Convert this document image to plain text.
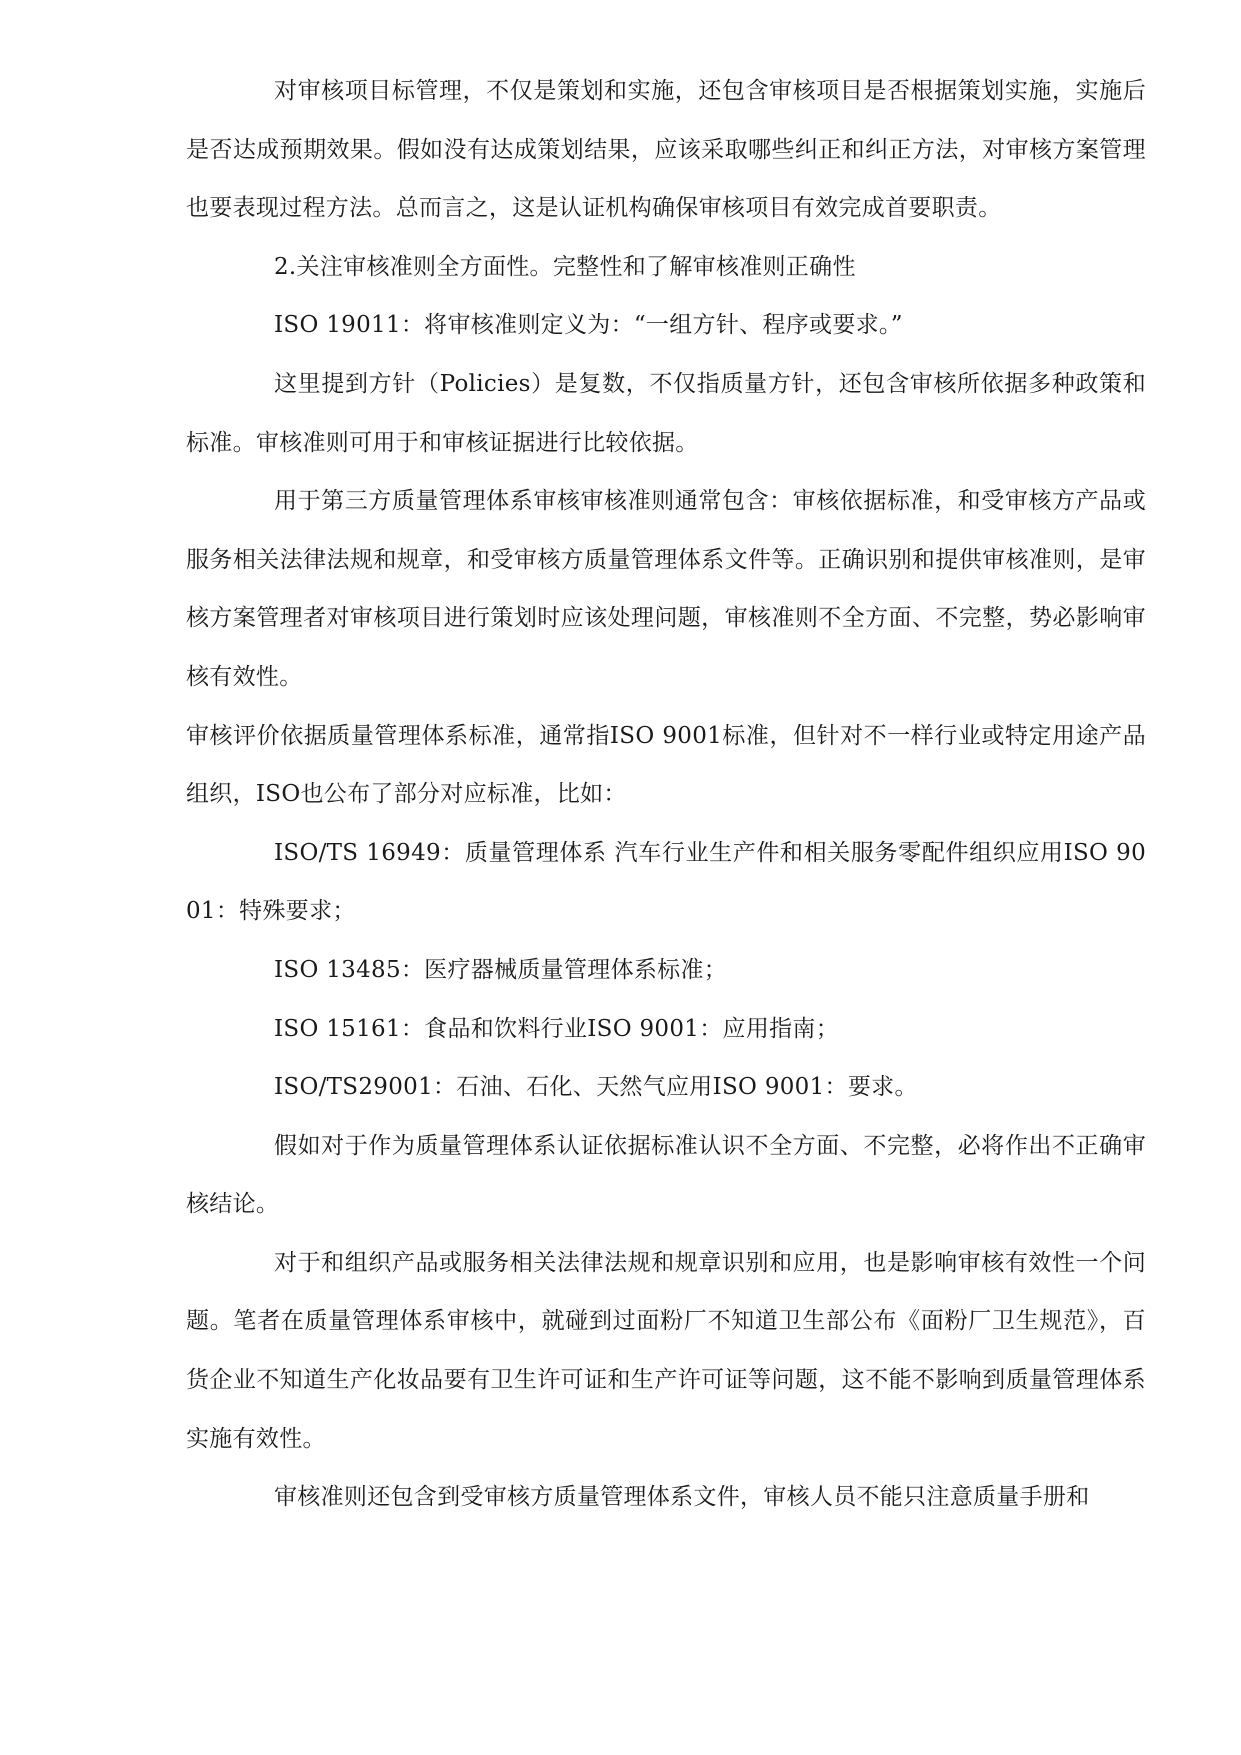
对审核项目标管理，不仅是策划和实施，还包含审核项目是否根据策划实施，实施后是否达成预期效果。假如没有达成策划结果，应该采取哪些纠正和纠正方法，对审核方案管理也要表现过程方法。总而言之，这是认证机构确保审核项目有效完成首要职责。

2.关注审核准则全方面性。完整性和了解审核准则正确性

ISO 19011：将审核准则定义为：“一组方针、程序或要求。”

这里提到方针（Policies）是复数，不仅指质量方针，还包含审核所依据多种政策和标准。审核准则可用于和审核证据进行比较依据。

用于第三方质量管理体系审核审核准则通常包含：审核依据标准，和受审核方产品或服务相关法律法规和规章，和受审核方质量管理体系文件等。正确识别和提供审核准则，是审核方案管理者对审核项目进行策划时应该处理问题，审核准则不全方面、不完整，势必影响审核有效性。

审核评价依据质量管理体系标准，通常指ISO 9001标准，但针对不一样行业或特定用途产品组织，ISO也公布了部分对应标准，比如：

ISO/TS 16949：质量管理体系 汽车行业生产件和相关服务零配件组织应用ISO 9001：特殊要求；

ISO 13485：医疗器械质量管理体系标准；

ISO 15161：食品和饮料行业ISO 9001：应用指南；

ISO/TS29001：石油、石化、天然气应用ISO 9001：要求。

假如对于作为质量管理体系认证依据标准认识不全方面、不完整，必将作出不正确审核结论。

对于和组织产品或服务相关法律法规和规章识别和应用，也是影响审核有效性一个问题。笔者在质量管理体系审核中，就碰到过面粉厂不知道卫生部公布《面粉厂卫生规范》，百货企业不知道生产化妆品要有卫生许可证和生产许可证等问题，这不能不影响到质量管理体系实施有效性。

审核准则还包含到受审核方质量管理体系文件，审核人员不能只注意质量手册和
